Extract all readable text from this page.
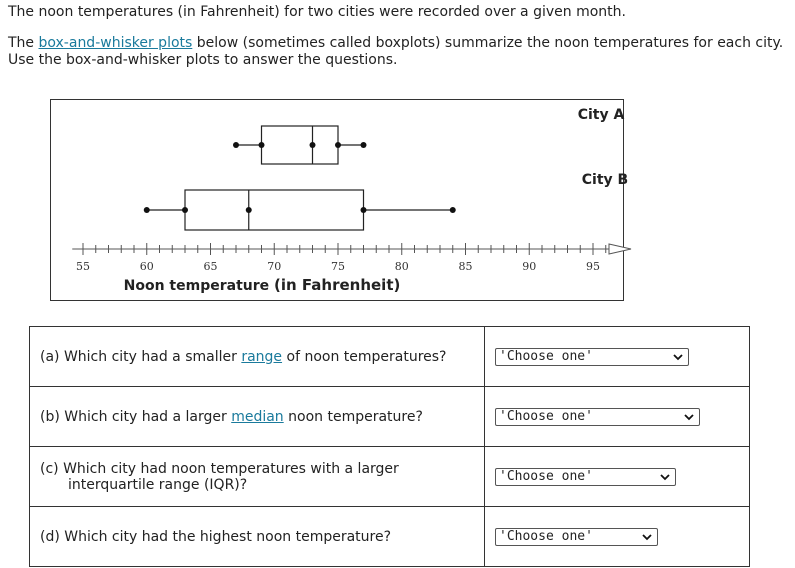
The noon temperatures (in Fahrenheit) for two cities were recorded over a given month.
The box-and-whisker plots below (sometimes called boxplots) summarize the noon temperatures for each city.
Use the box-and-whisker plots to answer the questions.
City A
City B
55	60	65	70	75	80	85	90	95
Noon temperature (in Fahrenheit)
(a) Which city had a smaller range of noon temperatures?	'Choose one'

(b) Which city had a larger median noon temperature?	'Choose one'

(c) Which city had noon temperatures with a larger
interquartile range (IQR)?	'Choose one'

(d) Which city had the highest noon temperature?	'Choose one'
